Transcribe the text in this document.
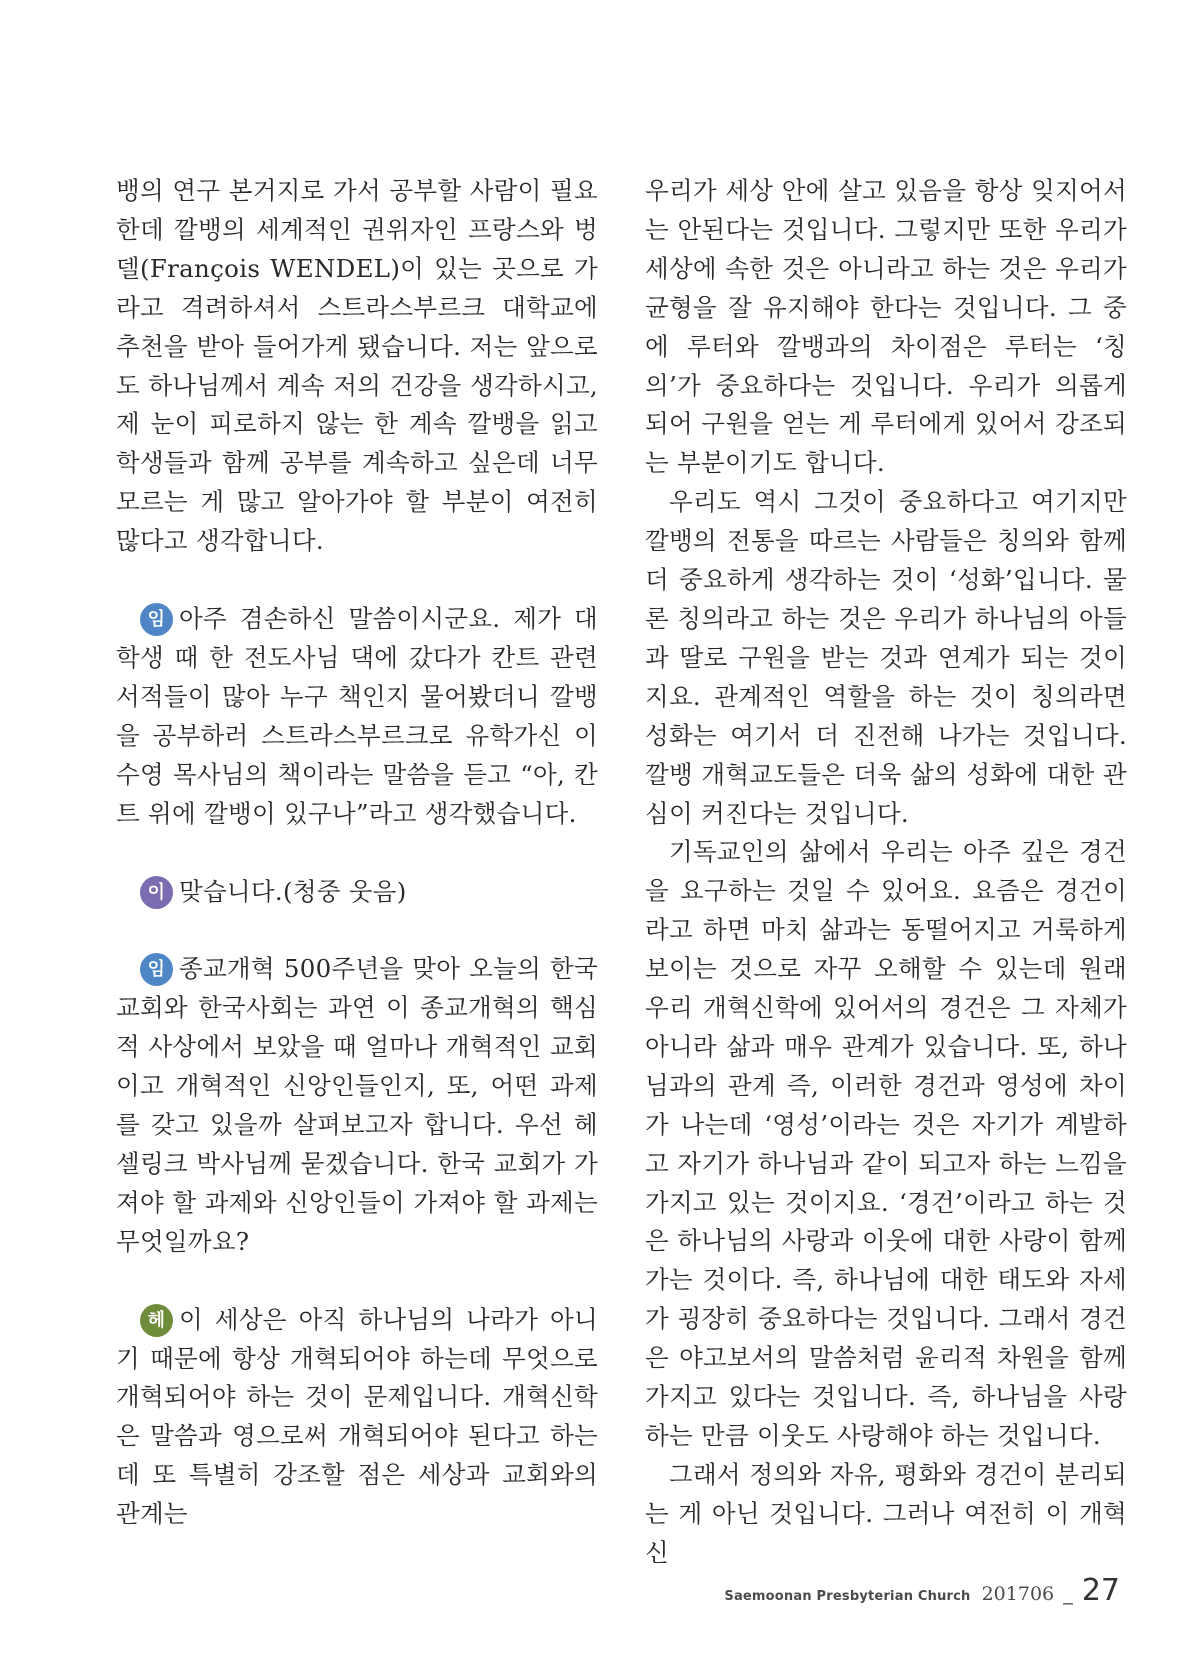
뱅의 연구 본거지로 가서 공부할 사람이 필요한데 깔뱅의 세계적인 권위자인 프랑스와 벙델(François WENDEL)이 있는 곳으로 가라고 격려하셔서 스트라스부르크 대학교에 추천을 받아 들어가게 됐습니다. 저는 앞으로도 하나님께서 계속 저의 건강을 생각하시고, 제 눈이 피로하지 않는 한 계속 깔뱅을 읽고 학생들과 함께 공부를 계속하고 싶은데 너무 모르는 게 많고 알아가야 할 부분이 여전히 많다고 생각합니다.

임 아주 겸손하신 말씀이시군요. 제가 대학생 때 한 전도사님 댁에 갔다가 칸트 관련 서적들이 많아 누구 책인지 물어봤더니 깔뱅을 공부하러 스트라스부르크로 유학가신 이수영 목사님의 책이라는 말씀을 듣고 “아, 칸트 위에 깔뱅이 있구나”라고 생각했습니다.

이 맞습니다.(청중 웃음)

임 종교개혁 500주년을 맞아 오늘의 한국교회와 한국사회는 과연 이 종교개혁의 핵심적 사상에서 보았을 때 얼마나 개혁적인 교회이고 개혁적인 신앙인들인지, 또, 어떤 과제를 갖고 있을까 살펴보고자 합니다. 우선 헤셀링크 박사님께 묻겠습니다. 한국 교회가 가져야 할 과제와 신앙인들이 가져야 할 과제는 무엇일까요?

헤 이 세상은 아직 하나님의 나라가 아니기 때문에 항상 개혁되어야 하는데 무엇으로 개혁되어야 하는 것이 문제입니다. 개혁신학은 말씀과 영으로써 개혁되어야 된다고 하는데 또 특별히 강조할 점은 세상과 교회와의 관계는

우리가 세상 안에 살고 있음을 항상 잊지어서는 안된다는 것입니다. 그렇지만 또한 우리가 세상에 속한 것은 아니라고 하는 것은 우리가 균형을 잘 유지해야 한다는 것입니다. 그 중에 루터와 깔뱅과의 차이점은 루터는 ‘칭의’가 중요하다는 것입니다. 우리가 의롭게 되어 구원을 얻는 게 루터에게 있어서 강조되는 부분이기도 합니다.

우리도 역시 그것이 중요하다고 여기지만 깔뱅의 전통을 따르는 사람들은 칭의와 함께 더 중요하게 생각하는 것이 ‘성화’입니다. 물론 칭의라고 하는 것은 우리가 하나님의 아들과 딸로 구원을 받는 것과 연계가 되는 것이지요. 관계적인 역할을 하는 것이 칭의라면 성화는 여기서 더 진전해 나가는 것입니다. 깔뱅 개혁교도들은 더욱 삶의 성화에 대한 관심이 커진다는 것입니다.

기독교인의 삶에서 우리는 아주 깊은 경건을 요구하는 것일 수 있어요. 요즘은 경건이라고 하면 마치 삶과는 동떨어지고 거룩하게 보이는 것으로 자꾸 오해할 수 있는데 원래 우리 개혁신학에 있어서의 경건은 그 자체가 아니라 삶과 매우 관계가 있습니다. 또, 하나님과의 관계 즉, 이러한 경건과 영성에 차이가 나는데 ‘영성’이라는 것은 자기가 계발하고 자기가 하나님과 같이 되고자 하는 느낌을 가지고 있는 것이지요. ‘경건’이라고 하는 것은 하나님의 사랑과 이웃에 대한 사랑이 함께 가는 것이다. 즉, 하나님에 대한 태도와 자세가 굉장히 중요하다는 것입니다. 그래서 경건은 야고보서의 말씀처럼 윤리적 차원을 함께 가지고 있다는 것입니다. 즉, 하나님을 사랑하는 만큼 이웃도 사랑해야 하는 것입니다.

그래서 정의와 자유, 평화와 경건이 분리되는 게 아닌 것입니다. 그러나 여전히 이 개혁신

Saemoonan Presbyterian Church 201706 _ 27
